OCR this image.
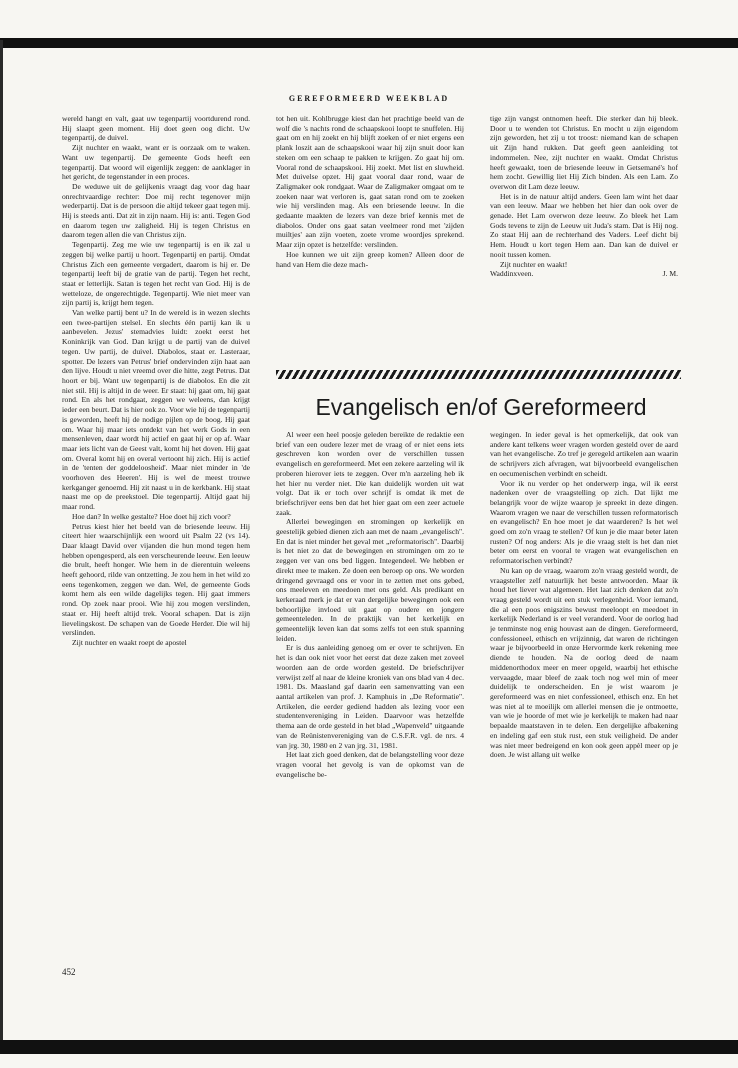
GEREFORMEERD WEEKBLAD

wereld hangt en valt, gaat uw tegenpartij voortdurend rond. Hij slaapt geen moment. Hij doet geen oog dicht. Uw tegenpartij, de duivel.

Zijt nuchter en waakt, want er is oorzaak om te waken. Want uw tegenpartij. De gemeente Gods heeft een tegenpartij. Dat woord wil eigenlijk zeggen: de aanklager in het gericht, de tegenstander in een proces.

De weduwe uit de gelijkenis vraagt dag voor dag haar onrechtvaardige rechter: Doe mij recht tegenover mijn wederpartij. Dat is de persoon die altijd tekeer gaat tegen mij. Hij is steeds anti. Dat zit in zijn naam. Hij is: anti. Tegen God en daarom tegen uw zaligheid. Hij is tegen Christus en daarom tegen allen die van Christus zijn.

Tegenpartij. Zeg me wie uw tegenpartij is en ik zal u zeggen bij welke partij u hoort. Tegenpartij en partij. Omdat Christus Zich een gemeente vergadert, daarom is hij er. De tegenpartij leeft bij de gratie van de partij. Tegen het recht, staat er letterlijk. Satan is tegen het recht van God. Hij is de wetteloze, de ongerechtigde. Tegenpartij. Wie niet meer van zijn partij is, krijgt hem tegen.

Van welke partij bent u? In de wereld is in wezen slechts een twee-partijen stelsel. En slechts één partij kan ik u aanbevelen. Jezus' stemadvies luidt: zoekt eerst het Koninkrijk van God. Dan krijgt u de partij van de duivel tegen. Uw partij, de duivel. Diabolos, staat er. Lasteraar, spotter. De lezers van Petrus' brief ondervinden zijn haat aan den lijve. Houdt u niet vreemd over die hitte, zegt Petrus. Dat hoort er bij. Want uw tegenpartij is de diabolos. En die zit niet stil. Hij is altijd in de weer. Er staat: hij gaat om, hij gaat rond. En als het rondgaat, zeggen we weleens, dan krijgt ieder een beurt. Dat is hier ook zo. Voor wie hij de tegenpartij is geworden, heeft hij de nodige pijlen op de boog. Hij gaat om. Waar hij maar iets ontdekt van het werk Gods in een mensenleven, daar wordt hij actief en gaat hij er op af. Waar maar iets licht van de Geest valt, komt hij het doven. Hij gaat om. Overal komt hij en overal vertoont hij zich. Hij is actief in de 'tenten der goddeloosheid'. Maar niet minder in 'de voorhoven des Heeren'. Hij is wel de meest trouwe kerkganger genoemd. Hij zit naast u in de kerkbank. Hij staat naast me op de preekstoel. Die tegenpartij. Altijd gaat hij maar rond.

Hoe dan? In welke gestalte? Hoe doet hij zich voor?

Petrus kiest hier het beeld van de briesende leeuw. Hij citeert hier waarschijnlijk een woord uit Psalm 22 (vs 14). Daar klaagt David over vijanden die hun mond tegen hem hebben opengesperd, als een verscheurende leeuw. Een leeuw die brult, heeft honger. Wie hem in de dierentuin weleens heeft gehoord, rilde van ontzetting. Je zou hem in het wild zo eens tegenkomen, zeggen we dan. Wel, de gemeente Gods komt hem als een wilde dagelijks tegen. Hij gaat immers rond. Op zoek naar prooi. Wie hij zou mogen verslinden, staat er. Hij heeft altijd trek. Vooral schapen. Dat is zijn lievelingskost. De schapen van de Goede Herder. Die wil hij verslinden.

Zijt nuchter en waakt roept de apostel

tot hen uit. Kohlbrugge kiest dan het prachtige beeld van de wolf die 's nachts rond de schaapskooi loopt te snuffelen. Hij gaat om en hij zoekt en hij blijft zoeken of er niet ergens een plank loszit aan de schaapskooi waar hij zijn snuit door kan steken om een schaap te pakken te krijgen. Zo gaat hij om. Vooral rond de schaapskooi. Hij zoekt. Met list en sluwheid. Met duivelse opzet. Hij gaat vooral daar rond, waar de Zaligmaker ook rondgaat. Waar de Zaligmaker omgaat om te zoeken naar wat verloren is, gaat satan rond om te zoeken wie hij verslinden mag. Als een briesende leeuw. In die gedaante maakten de lezers van deze brief kennis met de diabolos. Onder ons gaat satan veelmeer rond met 'zijden muiltjes' aan zijn voeten, zoete vrome woordjes sprekend. Maar zijn opzet is hetzelfde: verslinden.

Hoe kunnen we uit zijn greep komen? Alleen door de hand van Hem die deze mach-

tige zijn vangst ontnomen heeft. Die sterker dan hij bleek. Door u te wenden tot Christus. En mocht u zijn eigendom zijn geworden, het zij u tot troost: niemand kan de schapen uit Zijn hand rukken. Dat geeft geen aanleiding tot indommelen. Nee, zijt nuchter en waakt. Omdat Christus heeft gewaakt, toen de briesende leeuw in Getsemané's hof hem zocht. Gewillig liet Hij Zich binden. Als een Lam. Zo overwon dit Lam deze leeuw.

Het is in de natuur altijd anders. Geen lam wint het daar van een leeuw. Maar we hebben het hier dan ook over de genade. Het Lam overwon deze leeuw. Zo bleek het Lam Gods tevens te zijn de Leeuw uit Juda's stam. Dat is Hij nog. Zo staat Hij aan de rechterhand des Vaders. Leef dicht bij Hem. Houdt u kort tegen Hem aan. Dan kan de duivel er nooit tussen komen.

Zijt nuchter en waakt!

Waddinxveen.	J. M.
Evangelisch en/of Gereformeerd

Al weer een heel poosje geleden bereikte de redaktie een brief van een oudere lezer met de vraag of er niet eens iets geschreven kon worden over de verschillen tussen evangelisch en gereformeerd. Met een zekere aarzeling wil ik proberen hierover iets te zeggen. Over m'n aarzeling heb ik het hier nu verder niet. Die kan duidelijk worden uit wat volgt. Dat ik er toch over schrijf is omdat ik met de briefschrijver eens ben dat het hier gaat om een zeer actuele zaak.

Allerlei bewegingen en stromingen op kerkelijk en geestelijk gebied dienen zich aan met de naam „evangelisch". En dat is niet minder het geval met „reformatorisch". Daarbij is het niet zo dat de bewegingen en stromingen om zo te zeggen ver van ons bed liggen. Integendeel. We hebben er direkt mee te maken. Ze doen een beroep op ons. We worden dringend gevraagd ons er voor in te zetten met ons gebed, ons meeleven en meedoen met ons geld. Als predikant en kerkeraad merk je dat er van dergelijke bewegingen ook een behoorlijke invloed uit gaat op oudere en jongere gemeenteleden. In de praktijk van het kerkelijk en gemeentelijk leven kan dat soms zelfs tot een stuk spanning leiden.

Er is dus aanleiding genoeg om er over te schrijven. En het is dan ook niet voor het eerst dat deze zaken met zoveel woorden aan de orde worden gesteld. De briefschrijver verwijst zelf al naar de kleine kroniek van ons blad van 4 dec. 1981. Ds. Maasland gaf daarin een samenvatting van een aantal artikelen van prof. J. Kamphuis in „De Reformatie". Artikelen, die eerder gediend hadden als lezing voor een studentenvereniging in Leiden. Daarvoor was hetzelfde thema aan de orde gesteld in het blad „Wapenveld" uitgaande van de Reünistenvereniging van de C.S.F.R. vgl. de nrs. 4 van jrg. 30, 1980 en 2 van jrg. 31, 1981.

Het laat zich goed denken, dat de belangstelling voor deze vragen vooral het gevolg is van de opkomst van de evangelische be-

wegingen. In ieder geval is het opmerkelijk, dat ook van andere kant telkens weer vragen worden gesteld over de aard van het evangelische. Zo tref je geregeld artikelen aan waarin de schrijvers zich afvragen, wat bijvoorbeeld evangelischen en oecumenischen verbindt en scheidt.

Voor ik nu verder op het onderwerp inga, wil ik eerst nadenken over de vraagstelling op zich. Dat lijkt me belangrijk voor de wijze waarop je spreekt in deze dingen. Waarom vragen we naar de verschillen tussen reformatorisch en evangelisch? En hoe moet je dat waarderen? Is het wel goed om zo'n vraag te stellen? Of kun je die maar beter laten rusten? Of nog anders: Als je die vraag stelt is het dan niet beter om eerst en vooral te vragen wat evangelischen en reformatorischen verbindt?

Nu kan op de vraag, waarom zo'n vraag gesteld wordt, de vraagsteller zelf natuurlijk het beste antwoorden. Maar ik houd het liever wat algemeen. Het laat zich denken dat zo'n vraag gesteld wordt uit een stuk verlegenheid. Voor iemand, die al een poos enigszins bewust meeloopt en meedoet in kerkelijk Nederland is er veel veranderd. Voor de oorlog had je tenminste nog enig houvast aan de dingen. Gereformeerd, confessioneel, ethisch en vrijzinnig, dat waren de richtingen waar je bijvoorbeeld in onze Hervormde kerk rekening mee diende te houden. Na de oorlog deed de naam middenorthodox meer en meer opgeld, waarbij het ethische vervaagde, maar bleef de zaak toch nog wel min of meer duidelijk te onderscheiden. En je wist waarom je gereformeerd was en niet confessioneel, ethisch enz. En het was niet al te moeilijk om allerlei mensen die je ontmoette, van wie je hoorde of met wie je kerkelijk te maken had naar bepaalde maatstaven in te delen. Een dergelijke afbakening en indeling gaf een stuk rust, een stuk veiligheid. De ander was niet meer bedreigend en kon ook geen appèl meer op je doen. Je wist allang uit welke

452
